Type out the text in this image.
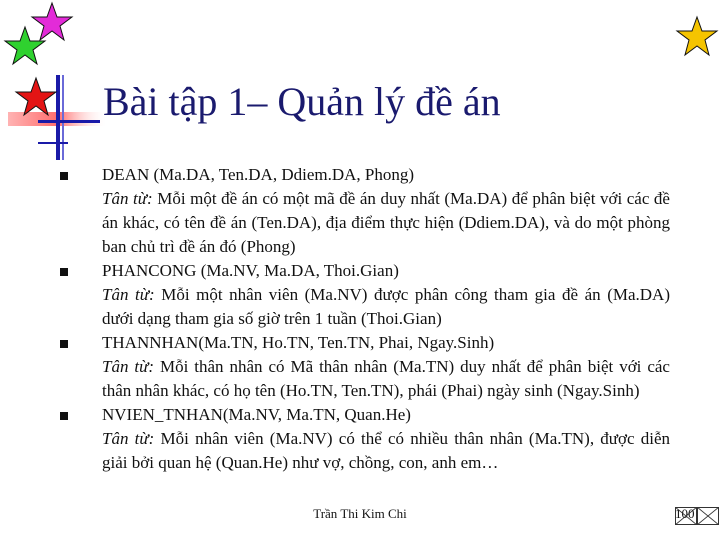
Bài tập 1– Quản lý đề án
DEAN (Ma.DA, Ten.DA, Ddiem.DA, Phong)
Tân từ: Mỗi một đề án có một mã đề án duy nhất (Ma.DA) để phân biệt với các đề án khác, có tên đề án (Ten.DA), địa điểm thực hiện (Ddiem.DA), và do một phòng ban chủ trì đề án đó (Phong)
PHANCONG (Ma.NV, Ma.DA, Thoi.Gian)
Tân từ: Mỗi một nhân viên (Ma.NV) được phân công tham gia đề án (Ma.DA) dưới dạng tham gia số giờ trên 1 tuần (Thoi.Gian)
THANNHAN(Ma.TN, Ho.TN, Ten.TN, Phai, Ngay.Sinh)
Tân từ: Mỗi thân nhân có Mã thân nhân (Ma.TN) duy nhất để phân biệt với các thân nhân khác, có họ tên (Ho.TN, Ten.TN), phái (Phai) ngày sinh (Ngay.Sinh)
NVIEN_TNHAN(Ma.NV, Ma.TN, Quan.He)
Tân từ: Mỗi nhân viên (Ma.NV) có thể có nhiều thân nhân (Ma.TN), được diễn giải bởi quan hệ (Quan.He) như vợ, chồng, con, anh em…
Trần Thi Kim Chi	100
